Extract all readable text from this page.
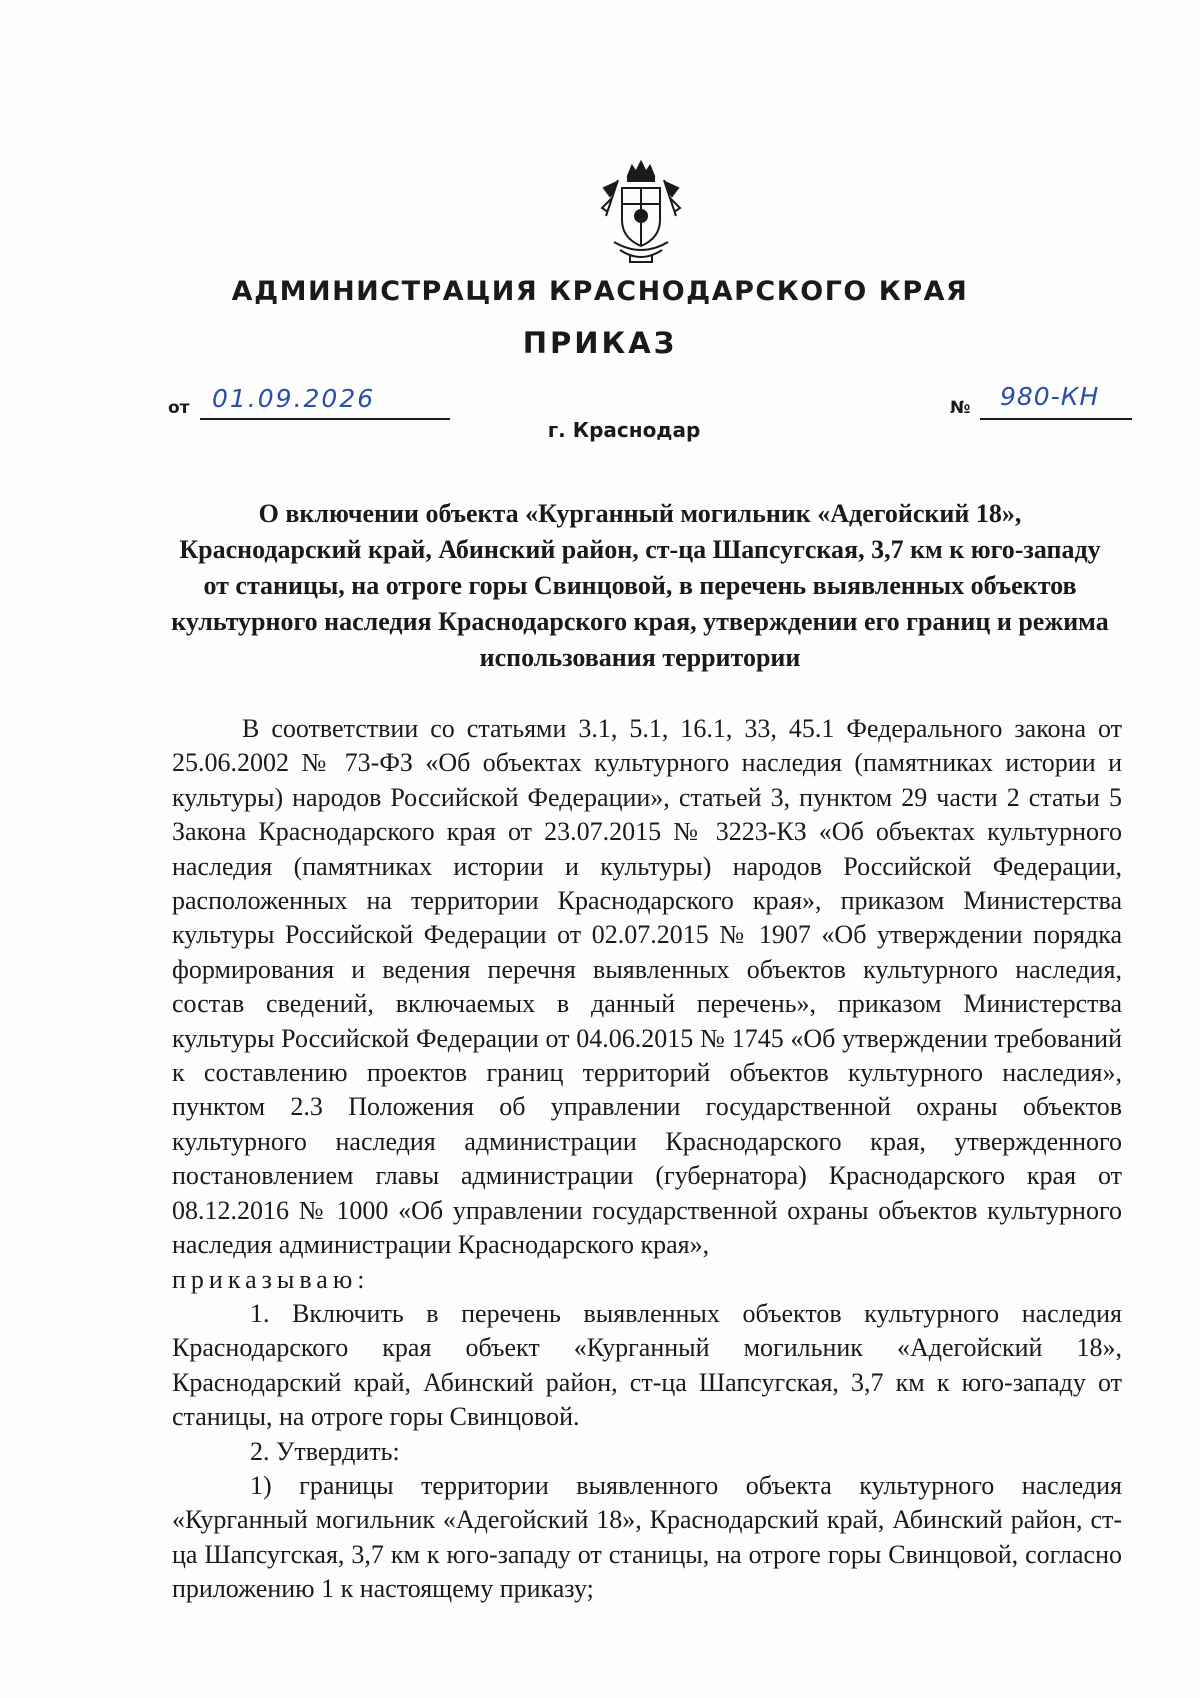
АДМИНИСТРАЦИЯ КРАСНОДАРСКОГО КРАЯ
ПРИКАЗ
от 01.09.2026	№ 980-КН
г. Краснодар
О включении объекта «Курганный могильник «Адегойский 18», Краснодарский край, Абинский район, ст-ца Шапсугская, 3,7 км к юго-западу от станицы, на отроге горы Свинцовой, в перечень выявленных объектов культурного наследия Краснодарского края, утверждении его границ и режима использования территории

В соответствии со статьями 3.1, 5.1, 16.1, 33, 45.1 Федерального закона от 25.06.2002 № 73-ФЗ «Об объектах культурного наследия (памятниках истории и культуры) народов Российской Федерации», статьей 3, пунктом 29 части 2 статьи 5 Закона Краснодарского края от 23.07.2015 № 3223-КЗ «Об объектах культурного наследия (памятниках истории и культуры) народов Российской Федерации, расположенных на территории Краснодарского края», приказом Министерства культуры Российской Федерации от 02.07.2015 № 1907 «Об утверждении порядка формирования и ведения перечня выявленных объектов культурного наследия, состав сведений, включаемых в данный перечень», приказом Министерства культуры Российской Федерации от 04.06.2015 № 1745 «Об утверждении требований к составлению проектов границ территорий объектов культурного наследия», пунктом 2.3 Положения об управлении государственной охраны объектов культурного наследия администрации Краснодарского края, утвержденного постановлением главы администрации (губернатора) Краснодарского края от 08.12.2016 № 1000 «Об управлении государственной охраны объектов культурного наследия администрации Краснодарского края»,

приказываю:

1. Включить в перечень выявленных объектов культурного наследия Краснодарского края объект «Курганный могильник «Адегойский 18», Краснодарский край, Абинский район, ст-ца Шапсугская, 3,7 км к юго-западу от станицы, на отроге горы Свинцовой.

2. Утвердить:

1) границы территории выявленного объекта культурного наследия «Курганный могильник «Адегойский 18», Краснодарский край, Абинский район, ст-ца Шапсугская, 3,7 км к юго-западу от станицы, на отроге горы Свинцовой, согласно приложению 1 к настоящему приказу;
